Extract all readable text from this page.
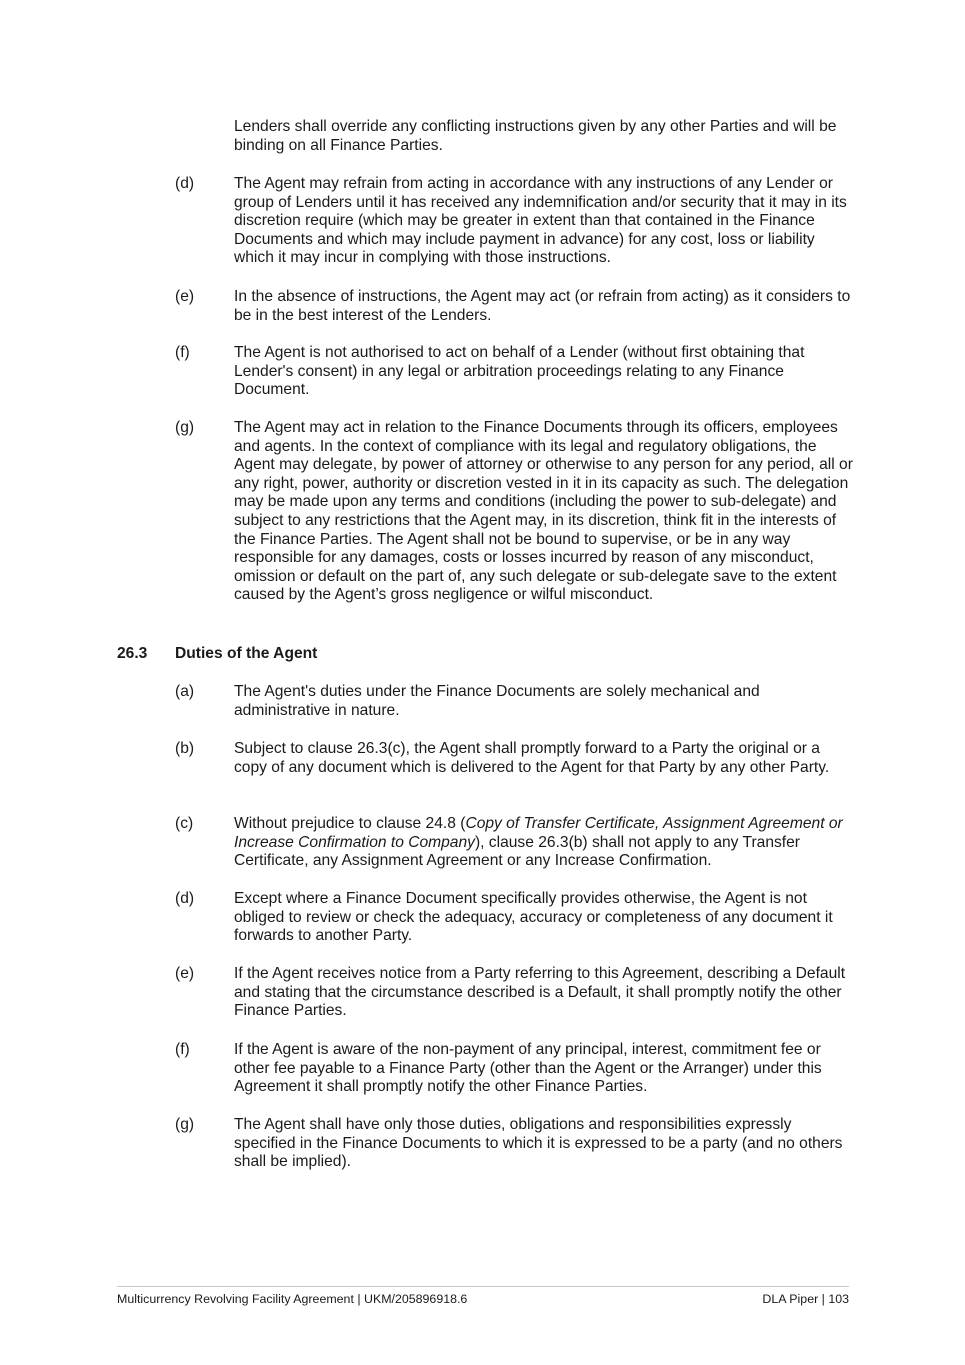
Lenders shall override any conflicting instructions given by any other Parties and will be binding on all Finance Parties.
(d)	The Agent may refrain from acting in accordance with any instructions of any Lender or group of Lenders until it has received any indemnification and/or security that it may in its discretion require (which may be greater in extent than that contained in the Finance Documents and which may include payment in advance) for any cost, loss or liability which it may incur in complying with those instructions.
(e)	In the absence of instructions, the Agent may act (or refrain from acting) as it considers to be in the best interest of the Lenders.
(f)	The Agent is not authorised to act on behalf of a Lender (without first obtaining that Lender's consent) in any legal or arbitration proceedings relating to any Finance Document.
(g)	The Agent may act in relation to the Finance Documents through its officers, employees and agents. In the context of compliance with its legal and regulatory obligations, the Agent may delegate, by power of attorney or otherwise to any person for any period, all or any right, power, authority or discretion vested in it in its capacity as such. The delegation may be made upon any terms and conditions (including the power to sub-delegate) and subject to any restrictions that the Agent may, in its discretion, think fit in the interests of the Finance Parties. The Agent shall not be bound to supervise, or be in any way responsible for any damages, costs or losses incurred by reason of any misconduct, omission or default on the part of, any such delegate or sub-delegate save to the extent caused by the Agent’s gross negligence or wilful misconduct.
26.3 Duties of the Agent
(a)	The Agent's duties under the Finance Documents are solely mechanical and administrative in nature.
(b)	Subject to clause 26.3(c), the Agent shall promptly forward to a Party the original or a copy of any document which is delivered to the Agent for that Party by any other Party.
(c)	Without prejudice to clause 24.8 (Copy of Transfer Certificate, Assignment Agreement or Increase Confirmation to Company), clause 26.3(b) shall not apply to any Transfer Certificate, any Assignment Agreement or any Increase Confirmation.
(d)	Except where a Finance Document specifically provides otherwise, the Agent is not obliged to review or check the adequacy, accuracy or completeness of any document it forwards to another Party.
(e)	If the Agent receives notice from a Party referring to this Agreement, describing a Default and stating that the circumstance described is a Default, it shall promptly notify the other Finance Parties.
(f)	If the Agent is aware of the non-payment of any principal, interest, commitment fee or other fee payable to a Finance Party (other than the Agent or the Arranger) under this Agreement it shall promptly notify the other Finance Parties.
(g)	The Agent shall have only those duties, obligations and responsibilities expressly specified in the Finance Documents to which it is expressed to be a party (and no others shall be implied).
Multicurrency Revolving Facility Agreement | UKM/205896918.6	DLA Piper | 103
